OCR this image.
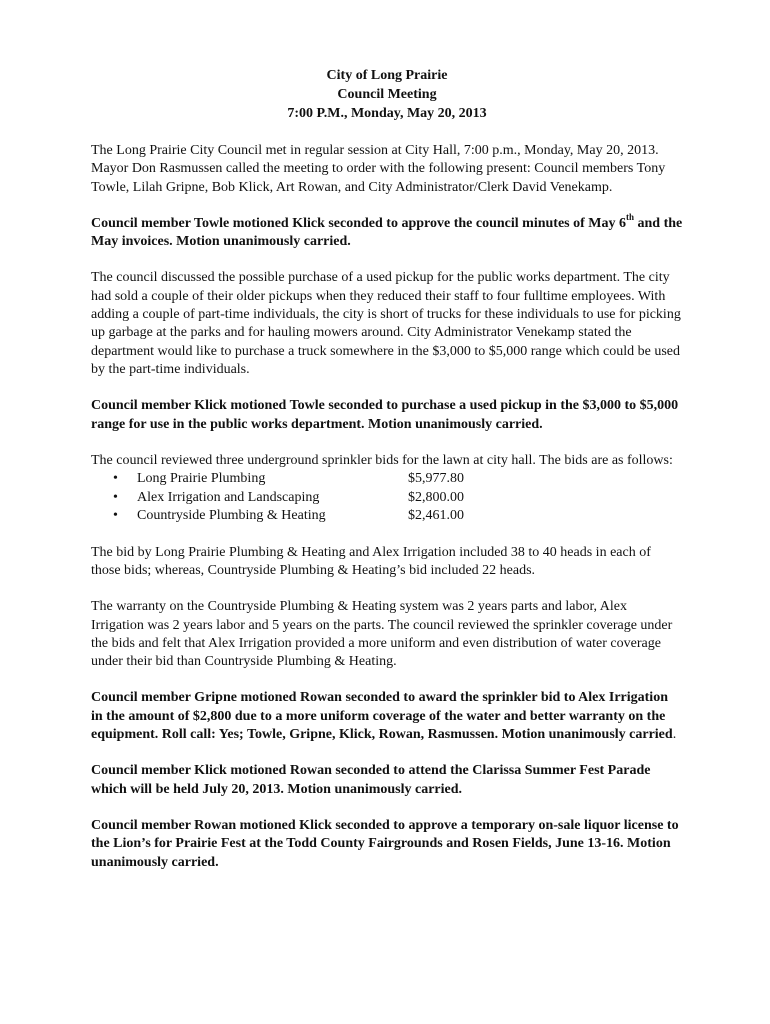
City of Long Prairie
Council Meeting
7:00 P.M., Monday, May 20, 2013
The Long Prairie City Council met in regular session at City Hall, 7:00 p.m., Monday, May 20, 2013. Mayor Don Rasmussen called the meeting to order with the following present: Council members Tony Towle, Lilah Gripne, Bob Klick, Art Rowan, and City Administrator/Clerk David Venekamp.
Council member Towle motioned Klick seconded to approve the council minutes of May 6th and the May invoices. Motion unanimously carried.
The council discussed the possible purchase of a used pickup for the public works department. The city had sold a couple of their older pickups when they reduced their staff to four fulltime employees. With adding a couple of part-time individuals, the city is short of trucks for these individuals to use for picking up garbage at the parks and for hauling mowers around. City Administrator Venekamp stated the department would like to purchase a truck somewhere in the $3,000 to $5,000 range which could be used by the part-time individuals.
Council member Klick motioned Towle seconded to purchase a used pickup in the $3,000 to $5,000 range for use in the public works department. Motion unanimously carried.
The council reviewed three underground sprinkler bids for the lawn at city hall. The bids are as follows:
• Long Prairie Plumbing	$5,977.80
• Alex Irrigation and Landscaping	$2,800.00
• Countryside Plumbing & Heating	$2,461.00
The bid by Long Prairie Plumbing & Heating and Alex Irrigation included 38 to 40 heads in each of those bids; whereas, Countryside Plumbing & Heating’s bid included 22 heads.
The warranty on the Countryside Plumbing & Heating system was 2 years parts and labor, Alex Irrigation was 2 years labor and 5 years on the parts. The council reviewed the sprinkler coverage under the bids and felt that Alex Irrigation provided a more uniform and even distribution of water coverage under their bid than Countryside Plumbing & Heating.
Council member Gripne motioned Rowan seconded to award the sprinkler bid to Alex Irrigation in the amount of $2,800 due to a more uniform coverage of the water and better warranty on the equipment. Roll call: Yes; Towle, Gripne, Klick, Rowan, Rasmussen. Motion unanimously carried.
Council member Klick motioned Rowan seconded to attend the Clarissa Summer Fest Parade which will be held July 20, 2013. Motion unanimously carried.
Council member Rowan motioned Klick seconded to approve a temporary on-sale liquor license to the Lion’s for Prairie Fest at the Todd County Fairgrounds and Rosen Fields, June 13-16. Motion unanimously carried.
